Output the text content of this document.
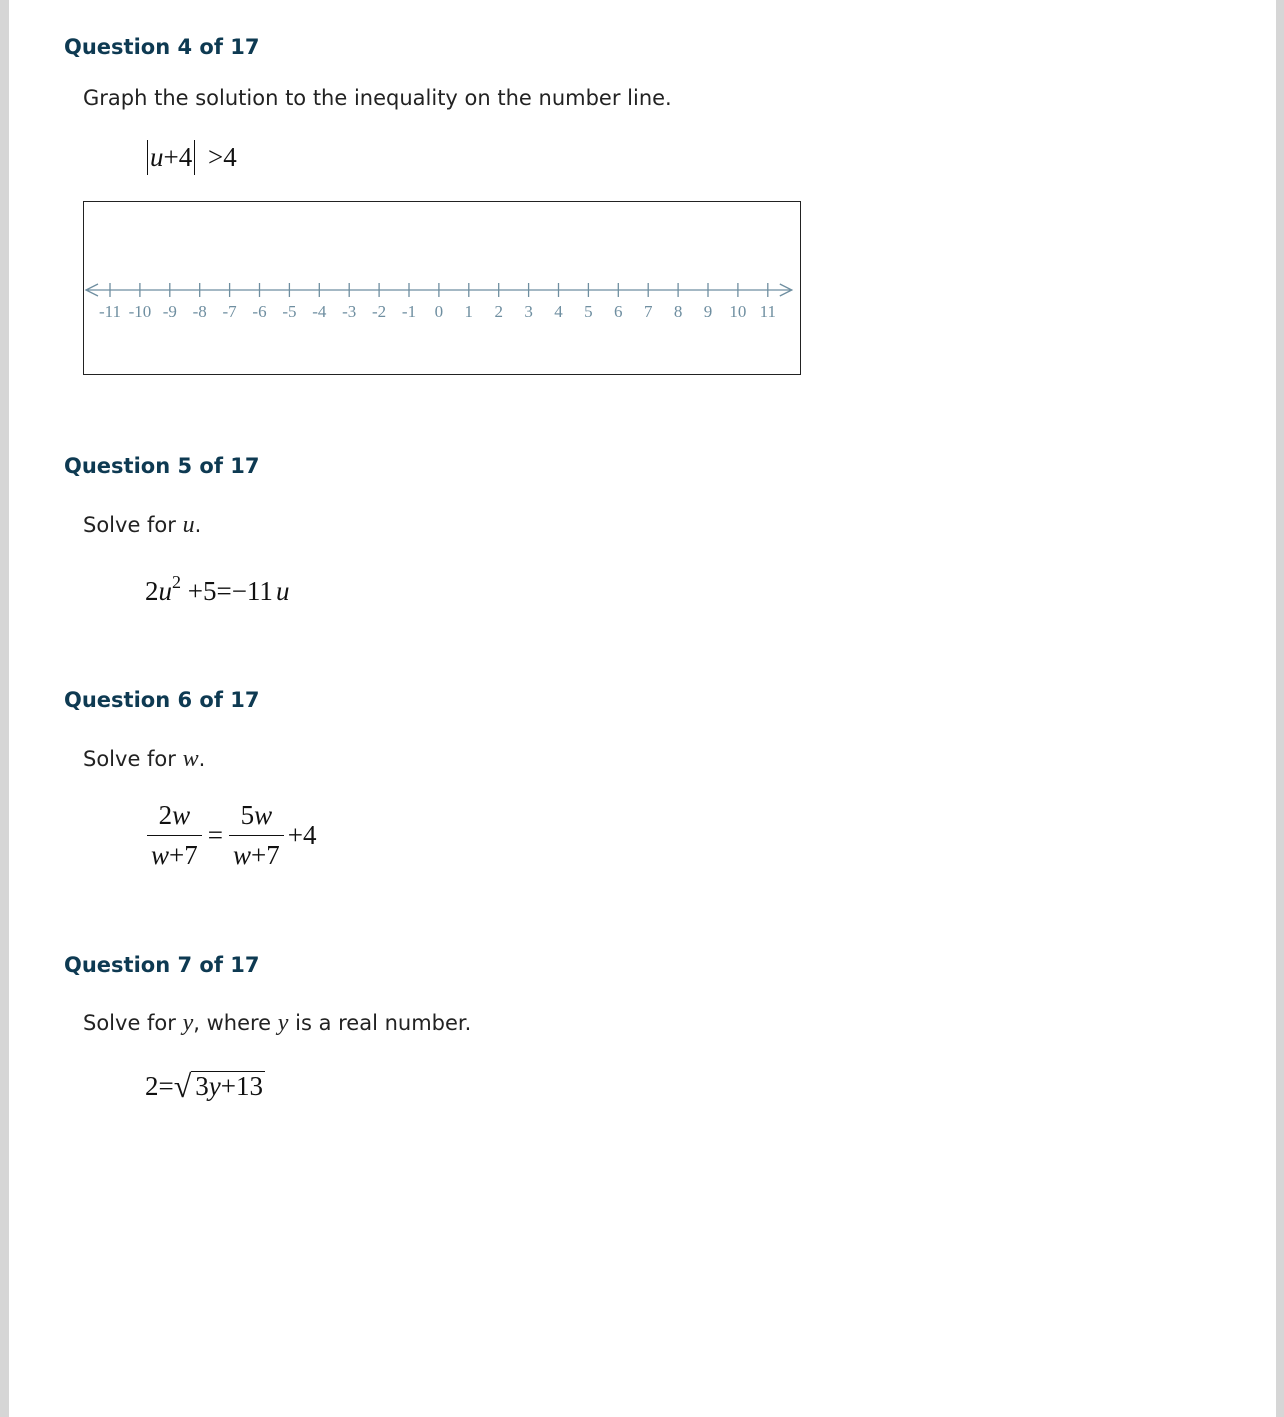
Question 4 of 17

Graph the solution to the inequality on the number line.

u+4 >4
-11 -10 -9 -8 -7 -6 -5 -4 -3 -2 -1 0 1 2 3 4 5 6 7 8 9 10 11
Question 5 of 17

Solve for u.

$2u^2 +5=-11$ u
Question 6 of 17

Solve for w.

$\frac{2w}{w+7} = \frac{5w}{w+7} +4$
Question 7 of 17

Solve for y, where y is a real number.

2=√ 3y+13
